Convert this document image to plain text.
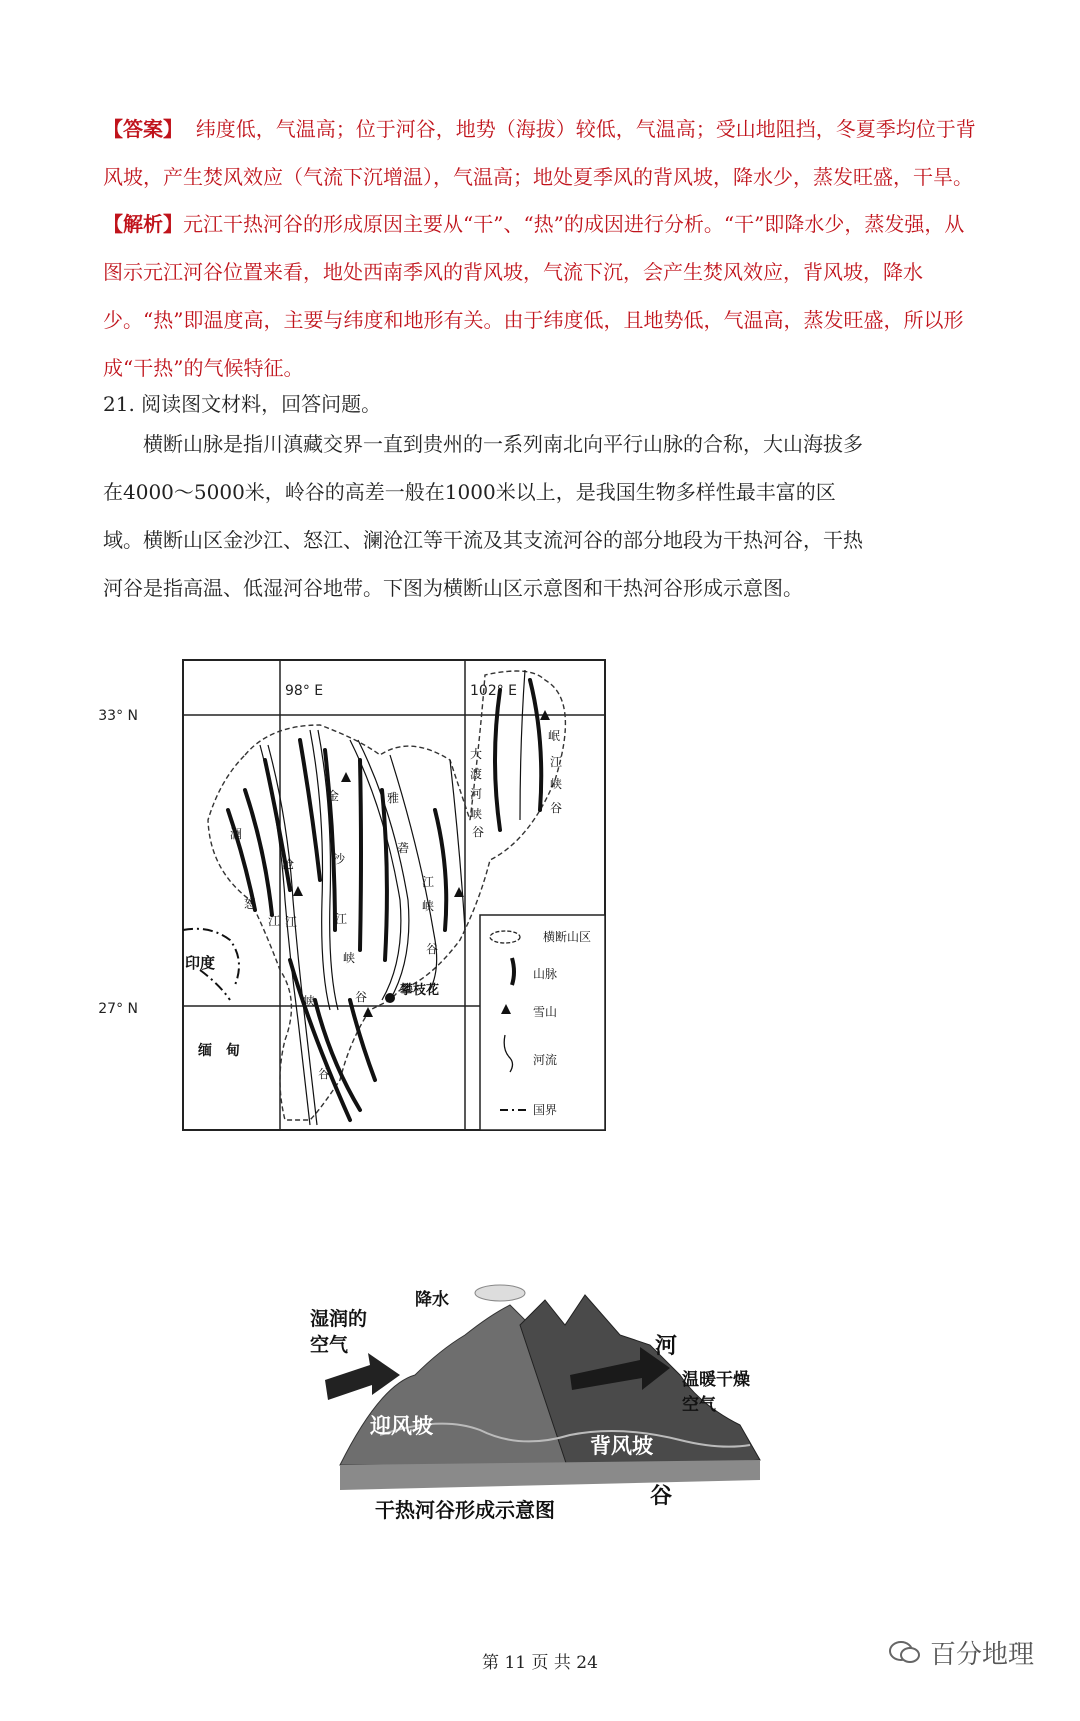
【答案】 纬度低，气温高；位于河谷，地势（海拔）较低，气温高；受山地阻挡，冬夏季均位于背风坡，产生焚风效应（气流下沉增温），气温高；地处夏季风的背风坡，降水少，蒸发旺盛，干旱。

【解析】元江干热河谷的形成原因主要从“干”、“热”的成因进行分析。“干”即降水少，蒸发强，从图示元江河谷位置来看，地处西南季风的背风坡，气流下沉，会产生焚风效应，背风坡，降水少。“热”即温度高，主要与纬度和地形有关。由于纬度低，且地势低，气温高，蒸发旺盛，所以形成“干热”的气候特征。

21. 阅读图文材料，回答问题。

横断山脉是指川滇藏交界一直到贵州的一系列南北向平行山脉的合称，大山海拔多在4000～5000米，岭谷的高差一般在1000米以上，是我国生物多样性最丰富的区域。横断山区金沙江、怒江、澜沧江等干流及其支流河谷的部分地段为干热河谷，干热河谷是指高温、低湿河谷地带。下图为横断山区示意图和干热河谷形成示意图。

98° E	102° E
33° N
27° N
攀枝花
印度
缅甸
澜
沧
怒
江 江
金
沙
江
雅
砻
江
峡
谷
大
渡
河
峡
谷
岷
江
峡
谷
峡
谷
峡
谷
横断山区
山脉
雪山
河流
国界
湿润的
空气
降水
迎风坡
背风坡
温暖干燥
空气
河
谷
干热河谷形成示意图
第 11 页 共 24	百分地理
